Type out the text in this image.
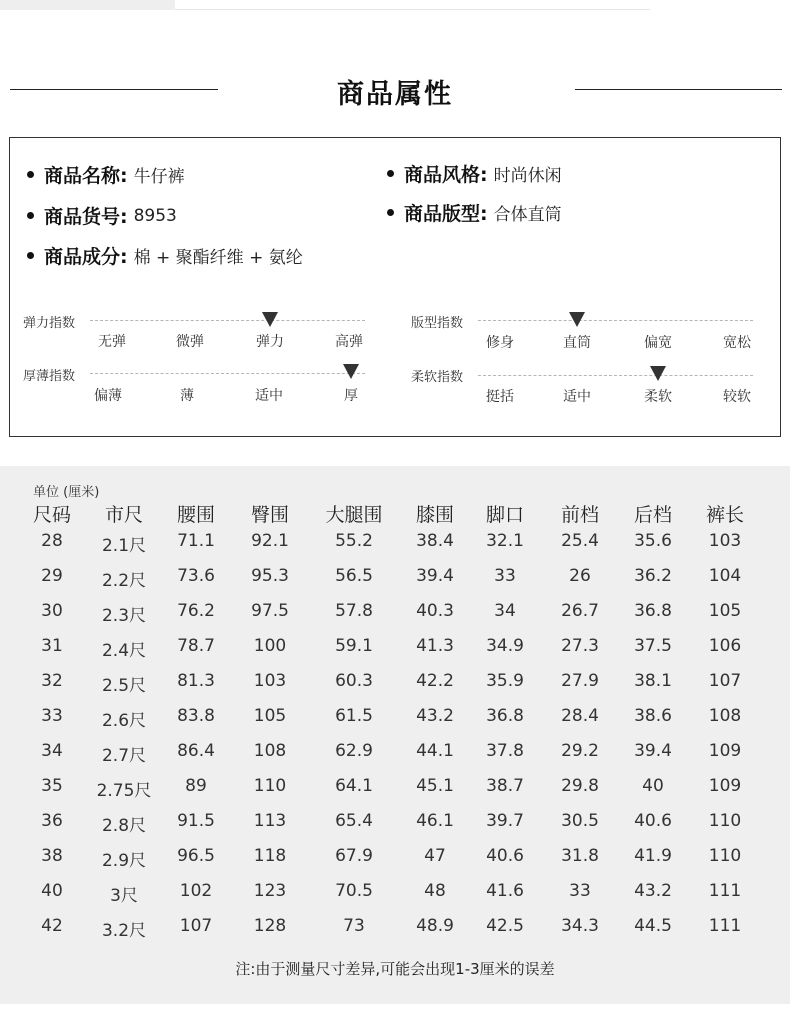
商品属性
商品名称: 牛仔裤	商品风格: 时尚休闲
商品货号: 8953	商品版型: 合体直筒
商品成分: 棉 + 聚酯纤维 + 氨纶
弹力指数
无弹	微弹	弹力	高弹
厚薄指数
偏薄	薄	适中	厚
版型指数
修身	直筒	偏宽	宽松
柔软指数
挺括	适中	柔软	较软
单位 (厘米)
尺码	市尺	腰围	臀围	大腿围	膝围	脚口	前档	后档	裤长
28	2.1尺	71.1	92.1	55.2	38.4	32.1	25.4	35.6	103
29	2.2尺	73.6	95.3	56.5	39.4	33	26	36.2	104
30	2.3尺	76.2	97.5	57.8	40.3	34	26.7	36.8	105
31	2.4尺	78.7	100	59.1	41.3	34.9	27.3	37.5	106
32	2.5尺	81.3	103	60.3	42.2	35.9	27.9	38.1	107
33	2.6尺	83.8	105	61.5	43.2	36.8	28.4	38.6	108
34	2.7尺	86.4	108	62.9	44.1	37.8	29.2	39.4	109
35	2.75尺	89	110	64.1	45.1	38.7	29.8	40	109
36	2.8尺	91.5	113	65.4	46.1	39.7	30.5	40.6	110
38	2.9尺	96.5	118	67.9	47	40.6	31.8	41.9	110
40	3尺	102	123	70.5	48	41.6	33	43.2	111
42	3.2尺	107	128	73	48.9	42.5	34.3	44.5	111
注:由于测量尺寸差异,可能会出现1-3厘米的误差
